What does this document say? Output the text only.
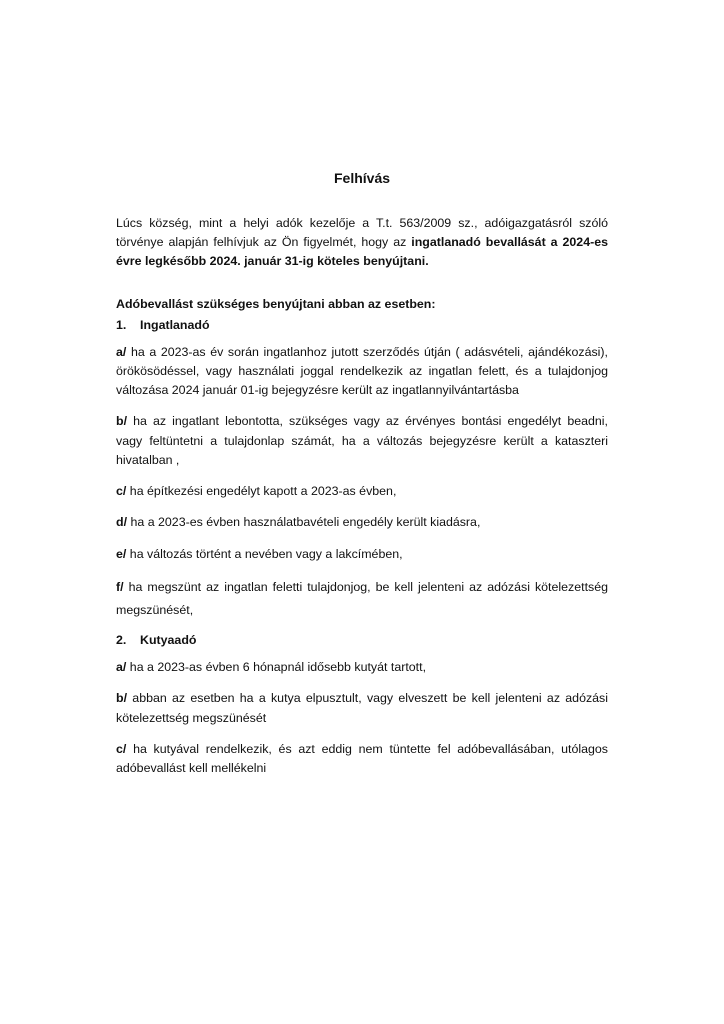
Felhívás

Lúcs község, mint a helyi adók kezelője a T.t. 563/2009 sz., adóigazgatásról szóló törvénye alapján felhívjuk az Ön figyelmét, hogy az ingatlanadó bevallását a 2024-es évre legkésőbb 2024. január 31-ig köteles benyújtani.

Adóbevallást szükséges benyújtani abban az esetben:
1.	Ingatlanadó

a/ ha a 2023-as év során ingatlanhoz jutott szerződés útján ( adásvételi, ajándékozási), örökösödéssel, vagy használati joggal rendelkezik az ingatlan felett, és a tulajdonjog változása 2024 január 01-ig bejegyzésre került az ingatlannyilvántartásba

b/ ha az ingatlant lebontotta, szükséges vagy az érvényes bontási engedélyt beadni, vagy feltüntetni a tulajdonlap számát, ha a változás bejegyzésre került a kataszteri hivatalban ,

c/ ha építkezési engedélyt kapott a 2023-as évben,

d/ ha a 2023-es évben használatbavételi engedély került kiadásra,

e/ ha változás történt a nevében vagy a lakcímében,

f/ ha megszünt az ingatlan feletti tulajdonjog, be kell jelenteni az adózási kötelezettség megszünését,

2.	Kutyaadó

a/ ha a 2023-as évben 6 hónapnál idősebb kutyát tartott,

b/ abban az esetben ha a kutya elpusztult, vagy elveszett be kell jelenteni az adózási kötelezettség megszünését

c/ ha kutyával rendelkezik, és azt eddig nem tüntette fel adóbevallásában, utólagos adóbevallást kell mellékelni
